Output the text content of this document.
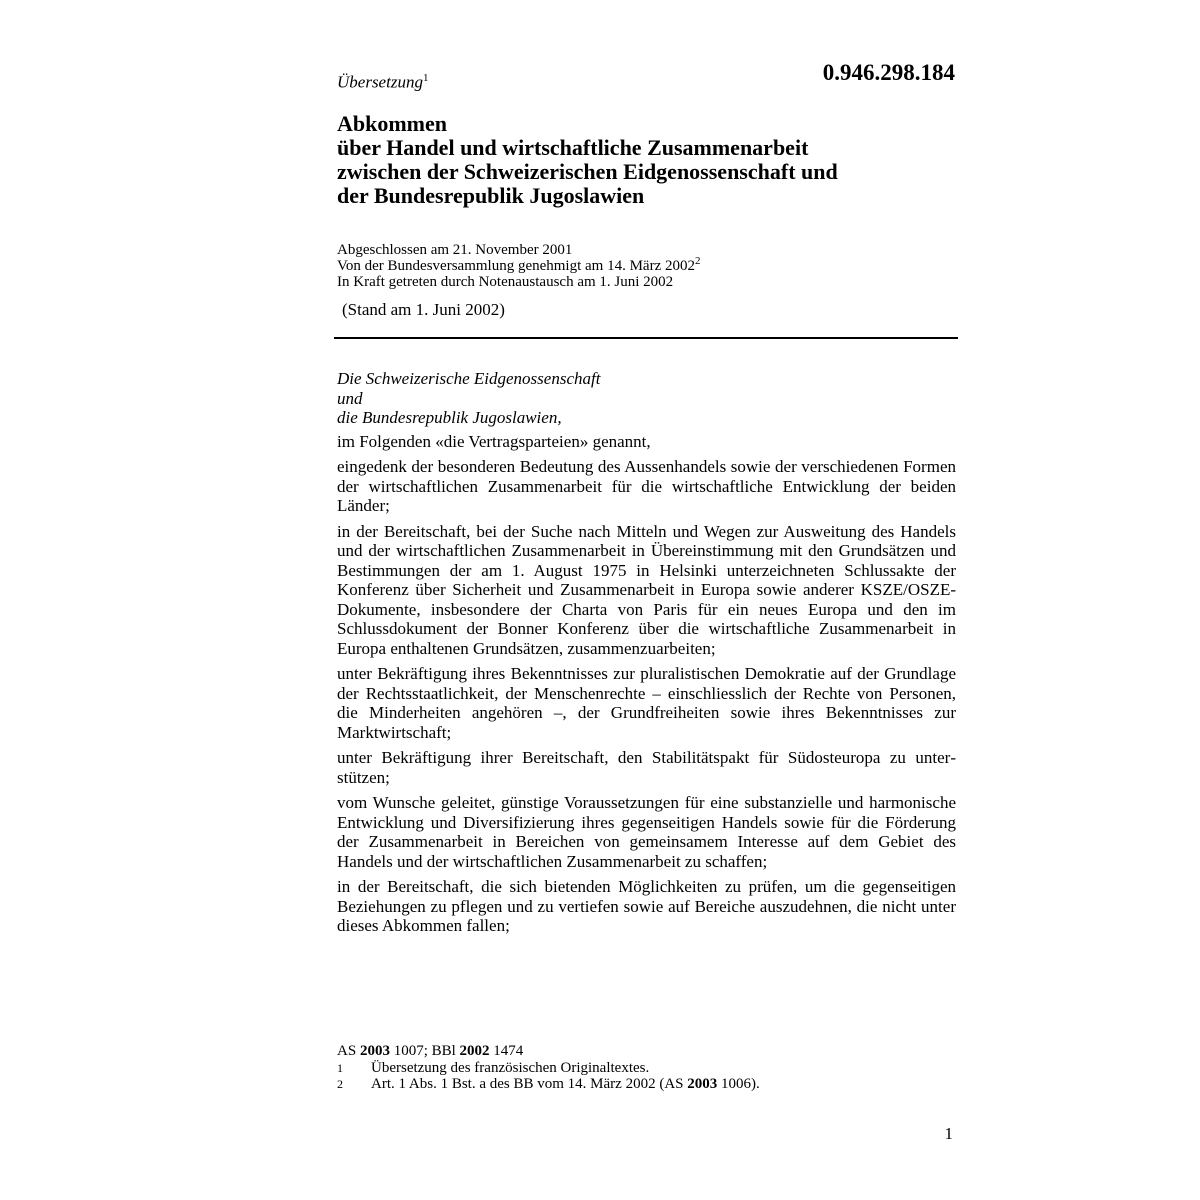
Übersetzung$^1$	0.946.298.184
Abkommen
über Handel und wirtschaftliche Zusammenarbeit
zwischen der Schweizerischen Eidgenossenschaft und
der Bundesrepublik Jugoslawien
Abgeschlossen am 21. November 2001
Von der Bundesversammlung genehmigt am 14. März 2002$^2$
In Kraft getreten durch Notenaustausch am 1. Juni 2002
(Stand am 1. Juni 2002)
Die Schweizerische Eidgenossenschaft
und
die Bundesrepublik Jugoslawien,
im Folgenden «die Vertragsparteien» genannt,
eingedenk der besonderen Bedeutung des Aussenhandels sowie der verschiedenen Formen der wirtschaftlichen Zusammenarbeit für die wirtschaftliche Entwicklung der beiden Länder;
in der Bereitschaft, bei der Suche nach Mitteln und Wegen zur Ausweitung des Handels und der wirtschaftlichen Zusammenarbeit in Übereinstimmung mit den Grundsätzen und Bestimmungen der am 1. August 1975 in Helsinki unterzeichneten Schlussakte der Konferenz über Sicherheit und Zusammenarbeit in Europa sowie anderer KSZE/OSZE-Dokumente, insbesondere der Charta von Paris für ein neues Europa und den im Schlussdokument der Bonner Konferenz über die wirtschaftliche Zusammenarbeit in Europa enthaltenen Grundsätzen, zusammenzuarbeiten;
unter Bekräftigung ihres Bekenntnisses zur pluralistischen Demokratie auf der Grundlage der Rechtsstaatlichkeit, der Menschenrechte – einschliesslich der Rechte von Personen, die Minderheiten angehören –, der Grundfreiheiten sowie ihres Bekenntnisses zur Marktwirtschaft;
unter Bekräftigung ihrer Bereitschaft, den Stabilitätspakt für Südosteuropa zu unterstützen;
vom Wunsche geleitet, günstige Voraussetzungen für eine substanzielle und harmonische Entwicklung und Diversifizierung ihres gegenseitigen Handels sowie für die Förderung der Zusammenarbeit in Bereichen von gemeinsamem Interesse auf dem Gebiet des Handels und der wirtschaftlichen Zusammenarbeit zu schaffen;
in der Bereitschaft, die sich bietenden Möglichkeiten zu prüfen, um die gegenseitigen Beziehungen zu pflegen und zu vertiefen sowie auf Bereiche auszudehnen, die nicht unter dieses Abkommen fallen;
AS 2003 1007; BBl 2002 1474
1	Übersetzung des französischen Originaltextes.
2	Art. 1 Abs. 1 Bst. a des BB vom 14. März 2002 (AS 2003 1006).
1
